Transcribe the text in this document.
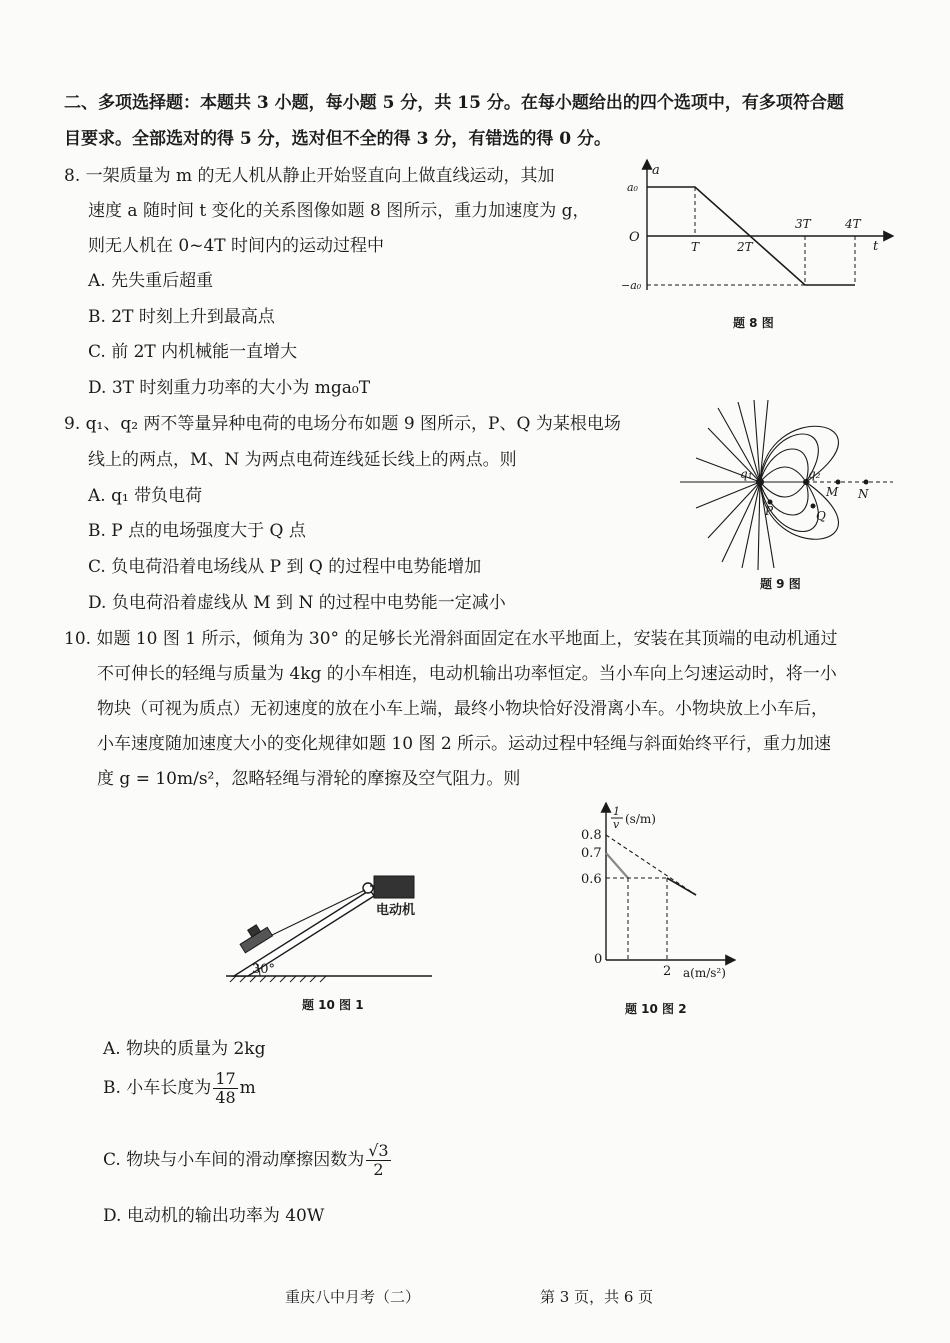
二、多项选择题：本题共 3 小题，每小题 5 分，共 15 分。在每小题给出的四个选项中，有多项符合题
目要求。全部选对的得 5 分，选对但不全的得 3 分，有错选的得 0 分。
8. 一架质量为 m 的无人机从静止开始竖直向上做直线运动，其加
速度 a 随时间 t 变化的关系图像如题 8 图所示，重力加速度为 g，
则无人机在 0~4T 时间内的运动过程中
A. 先失重后超重
B. 2T 时刻上升到最高点
C. 前 2T 内机械能一直增大
D. 3T 时刻重力功率的大小为 mga₀T
a
t
O
a₀
−a₀
T	2T
3T	4T
题 8 图
9. q₁、q₂ 两不等量异种电荷的电场分布如题 9 图所示，P、Q 为某根电场
线上的两点，M、N 为两点电荷连线延长线上的两点。则
A. q₁ 带负电荷
B. P 点的电场强度大于 Q 点
C. 负电荷沿着电场线从 P 到 Q 的过程中电势能增加
D. 负电荷沿着虚线从 M 到 N 的过程中电势能一定减小
q₁	q₂
M N
P	Q
题 9 图
10. 如题 10 图 1 所示，倾角为 30° 的足够长光滑斜面固定在水平地面上，安装在其顶端的电动机通过
不可伸长的轻绳与质量为 4kg 的小车相连，电动机输出功率恒定。当小车向上匀速运动时，将一小
物块（可视为质点）无初速度的放在小车上端，最终小物块恰好没滑离小车。小物块放上小车后，
小车速度随加速度大小的变化规律如题 10 图 2 所示。运动过程中轻绳与斜面始终平行，重力加速
度 g = 10m/s²，忽略轻绳与滑轮的摩擦及空气阻力。则
30°
电动机
题 10 图 1
1
v (s/m)
0.8
0.7
0.6
0
2 a(m/s²)
题 10 图 2
A. 物块的质量为 2kg
B. 小车长度为 $\frac{17}{48}$ m
C. 物块与小车间的滑动摩擦因数为 $\frac{√3}{2}$
D. 电动机的输出功率为 40W
重庆八中月考（二）	第 3 页，共 6 页
